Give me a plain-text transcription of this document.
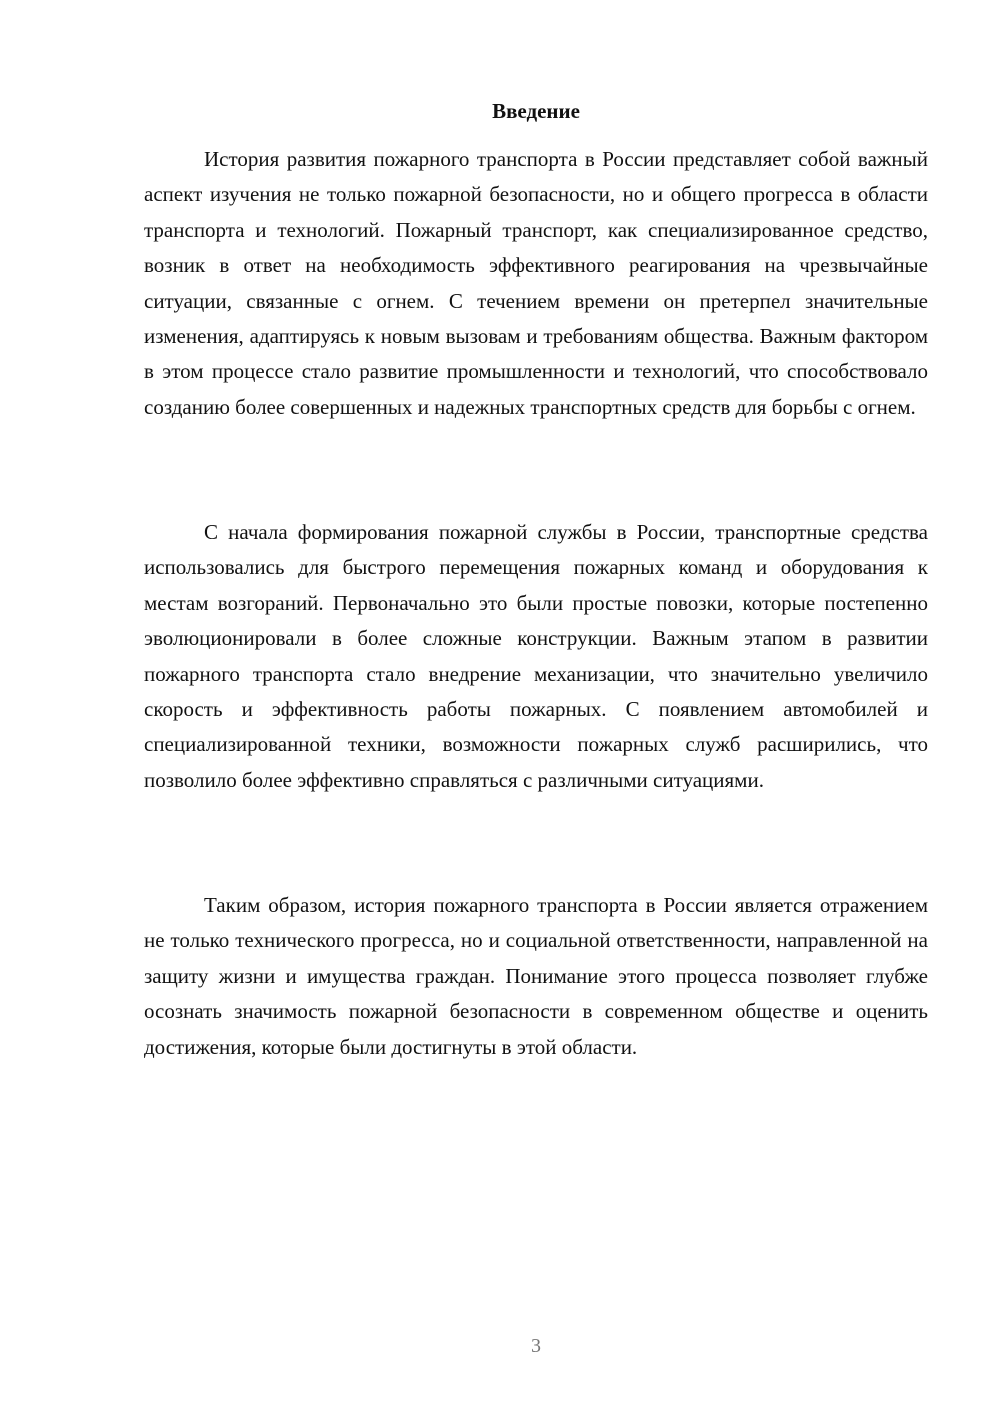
Введение

История развития пожарного транспорта в России представляет собой важный аспект изучения не только пожарной безопасности, но и общего прогресса в области транспорта и технологий. Пожарный транспорт, как специализированное средство, возник в ответ на необходимость эффективного реагирования на чрезвычайные ситуации, связанные с огнем. С течением времени он претерпел значительные изменения, адаптируясь к новым вызовам и требованиям общества. Важным фактором в этом процессе стало развитие промышленности и технологий, что способствовало созданию более совершенных и надежных транспортных средств для борьбы с огнем.

С начала формирования пожарной службы в России, транспортные средства использовались для быстрого перемещения пожарных команд и оборудования к местам возгораний. Первоначально это были простые повозки, которые постепенно эволюционировали в более сложные конструкции. Важным этапом в развитии пожарного транспорта стало внедрение механизации, что значительно увеличило скорость и эффективность работы пожарных. С появлением автомобилей и специализированной техники, возможности пожарных служб расширились, что позволило более эффективно справляться с различными ситуациями.

Таким образом, история пожарного транспорта в России является отражением не только технического прогресса, но и социальной ответственности, направленной на защиту жизни и имущества граждан. Понимание этого процесса позволяет глубже осознать значимость пожарной безопасности в современном обществе и оценить достижения, которые были достигнуты в этой области.

3
